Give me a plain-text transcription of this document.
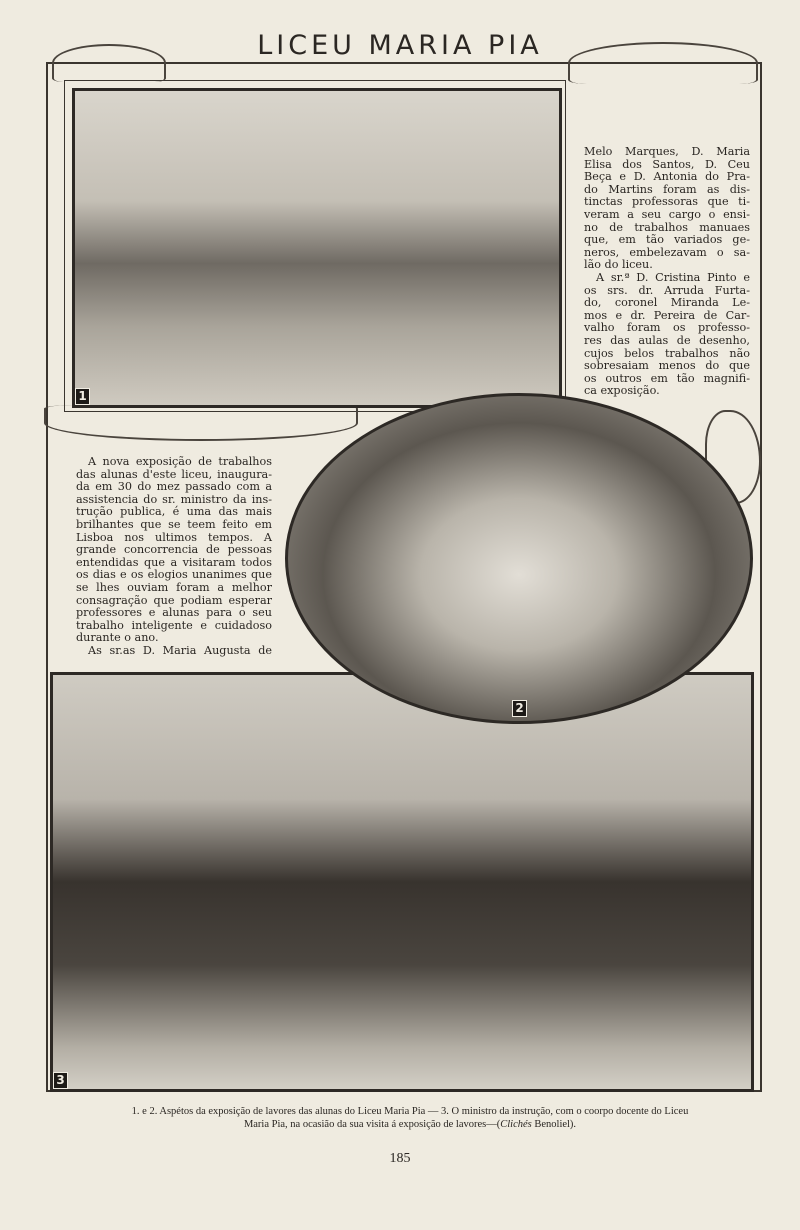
LICEU MARIA PIA
1
Melo Marques, D. Maria
Elisa dos Santos, D. Ceu
Beça e D. Antonia do Pra-
do Martins foram as dis-
tinctas professoras que ti-
veram a seu cargo o ensi-
no de trabalhos manuaes
que, em tão variados ge-
neros, embelezavam o sa-
lão do liceu.
A sr.ª D. Cristina Pinto e
os srs. dr. Arruda Furta-
do, coronel Miranda Le-
mos e dr. Pereira de Car-
valho foram os professo-
res das aulas de desenho,
cujos belos trabalhos não
sobresaiam menos do que
os outros em tão magnifi-
ca exposição.
A nova exposição de trabalhos
das alunas d'este liceu, inaugura-
da em 30 do mez passado com a
assistencia do sr. ministro da ins-
trução publica, é uma das mais
brilhantes que se teem feito em
Lisboa nos ultimos tempos. A
grande concorrencia de pessoas
entendidas que a visitaram todos
os dias e os elogios unanimes que
se lhes ouviam foram a melhor
consagração que podiam esperar
professores e alunas para o seu
trabalho inteligente e cuidadoso
durante o ano.
As sr.as D. Maria Augusta de
3
2
1. e 2. Aspétos da exposição de lavores das alunas do Liceu Maria Pia — 3. O ministro da instrução, com o coorpo docente do Liceu
Maria Pia, na ocasião da sua visita á exposição de lavores—(Clichés Benoliel).
185
